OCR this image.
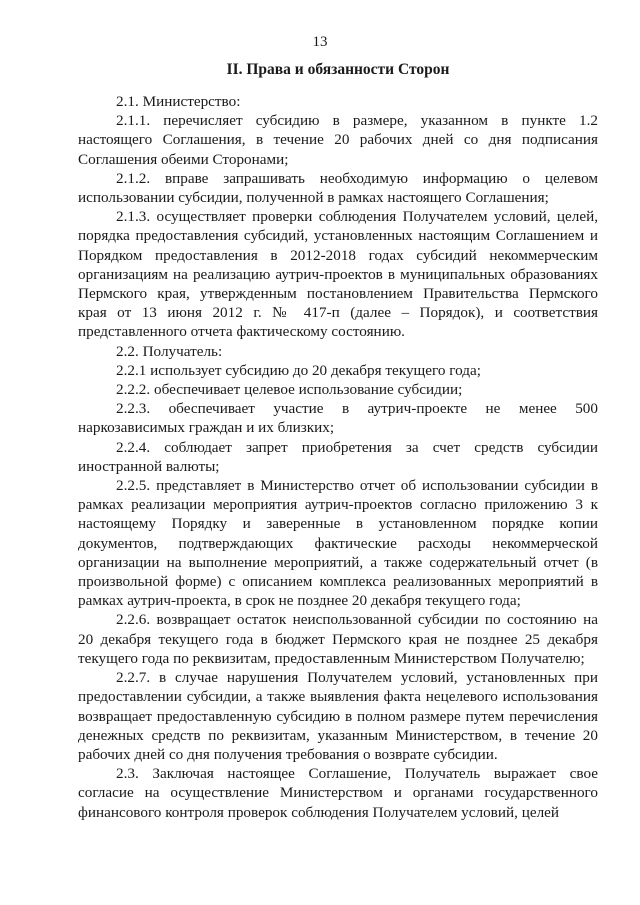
13
II. Права и обязанности Сторон

2.1. Министерство:

2.1.1. перечисляет субсидию в размере, указанном в пункте 1.2 настоящего Соглашения, в течение 20 рабочих дней со дня подписания Соглашения обеими Сторонами;

2.1.2. вправе запрашивать необходимую информацию о целевом использовании субсидии, полученной в рамках настоящего Соглашения;

2.1.3. осуществляет проверки соблюдения Получателем условий, целей, порядка предоставления субсидий, установленных настоящим Соглашением и Порядком предоставления в 2012-2018 годах субсидий некоммерческим организациям на реализацию аутрич-проектов в муниципальных образованиях Пермского края, утвержденным постановлением Правительства Пермского края от 13 июня 2012 г. № 417-п (далее – Порядок), и соответствия представленного отчета фактическому состоянию.

2.2. Получатель:

2.2.1 использует субсидию до 20 декабря текущего года;

2.2.2. обеспечивает целевое использование субсидии;

2.2.3. обеспечивает участие в аутрич-проекте не менее 500 наркозависимых граждан и их близких;

2.2.4. соблюдает запрет приобретения за счет средств субсидии иностранной валюты;

2.2.5. представляет в Министерство отчет об использовании субсидии в рамках реализации мероприятия аутрич-проектов согласно приложению 3 к настоящему Порядку и заверенные в установленном порядке копии документов, подтверждающих фактические расходы некоммерческой организации на выполнение мероприятий, а также содержательный отчет (в произвольной форме) с описанием комплекса реализованных мероприятий в рамках аутрич-проекта, в срок не позднее 20 декабря текущего года;

2.2.6. возвращает остаток неиспользованной субсидии по состоянию на 20 декабря текущего года в бюджет Пермского края не позднее 25 декабря текущего года по реквизитам, предоставленным Министерством Получателю;

2.2.7. в случае нарушения Получателем условий, установленных при предоставлении субсидии, а также выявления факта нецелевого использования возвращает предоставленную субсидию в полном размере путем перечисления денежных средств по реквизитам, указанным Министерством, в течение 20 рабочих дней со дня получения требования о возврате субсидии.

2.3. Заключая настоящее Соглашение, Получатель выражает свое согласие на осуществление Министерством и органами государственного финансового контроля проверок соблюдения Получателем условий, целей
